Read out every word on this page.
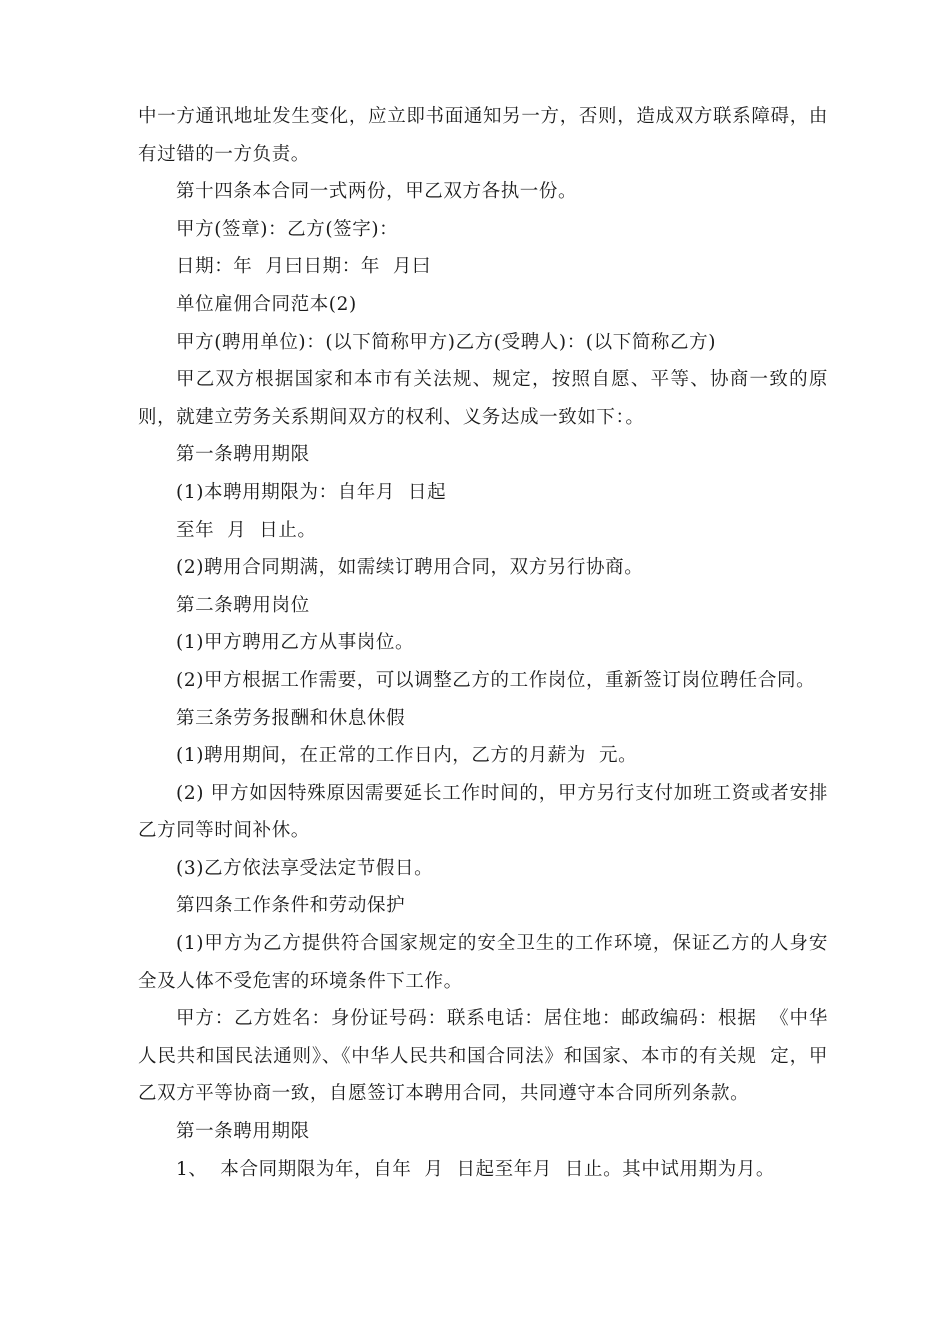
中一方通讯地址发生变化，应立即书面通知另一方，否则，造成双方联系障碍，由有过错的一方负责。

第十四条本合同一式两份，甲乙双方各执一份。

甲方(签章)：乙方(签字)：

日期：年  月曰日期：年  月曰

单位雇佣合同范本(2)

甲方(聘用单位)：(以下简称甲方)乙方(受聘人)：(以下简称乙方)

甲乙双方根据国家和本市有关法规、规定，按照自愿、平等、协商一致的原则，就建立劳务关系期间双方的权利、义务达成一致如下：。

第一条聘用期限

(1)本聘用期限为：自年月  日起

至年  月  日止。

(2)聘用合同期满，如需续订聘用合同，双方另行协商。

第二条聘用岗位

(1)甲方聘用乙方从事岗位。

(2)甲方根据工作需要，可以调整乙方的工作岗位，重新签订岗位聘任合同。

第三条劳务报酬和休息休假

(1)聘用期间，在正常的工作日内，乙方的月薪为  元。

(2) 甲方如因特殊原因需要延长工作时间的，甲方另行支付加班工资或者安排乙方同等时间补休。

(3)乙方依法享受法定节假日。

第四条工作条件和劳动保护

(1)甲方为乙方提供符合国家规定的安全卫生的工作环境，保证乙方的人身安全及人体不受危害的环境条件下工作。

甲方：乙方姓名：身份证号码：联系电话：居住地：邮政编码：根据  《中华人民共和国民法通则》、《中华人民共和国合同法》和国家、本市的有关规  定，甲乙双方平等协商一致，自愿签订本聘用合同，共同遵守本合同所列条款。

第一条聘用期限

1、  本合同期限为年，自年  月  日起至年月  日止。其中试用期为月。
